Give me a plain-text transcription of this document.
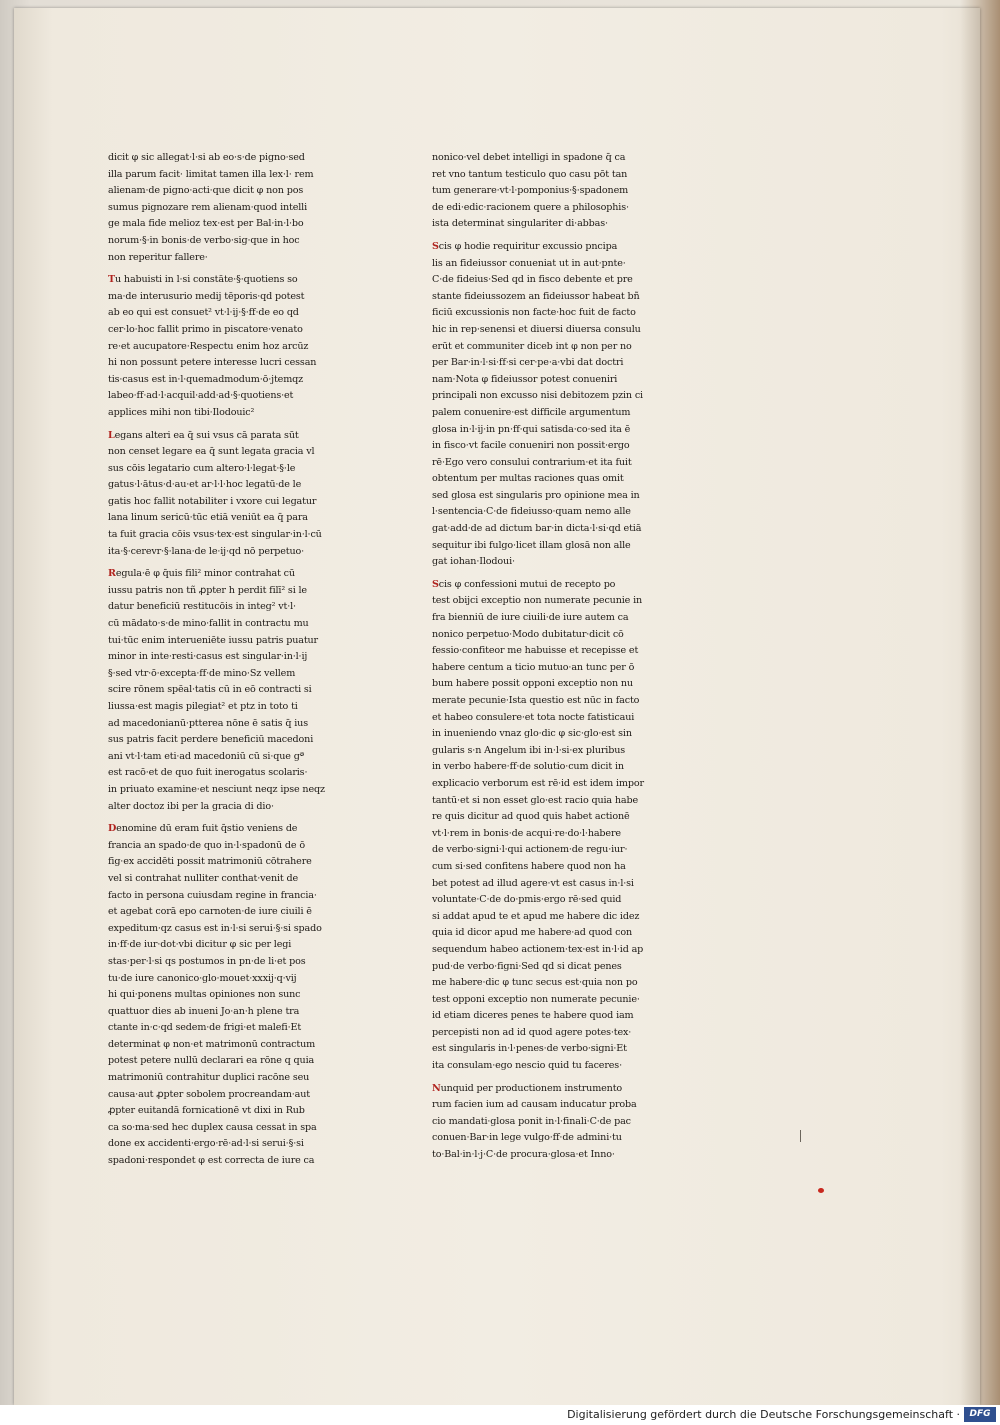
dicit φ sic allegat·l·si ab eo·s·de pigno·sed
illa parum facit· limitat tamen illa lex·l· rem
alienam·de pigno·acti·que dicit φ non pos
sumus pignozare rem alienam·quod intelli
ge mala fide melioz tex·est per Bal·in·l·bo
norum·§·in bonis·de verbo·sig·que in hoc
non reperitur fallere·
Tu habuisti in l·si constāte·§·quotiens so
ma·de interusurio medij tēporis·qd potest
ab eo qui est consuet² vt·l·ij·§·ff·de eo qd
cer·lo·hoc fallit primo in piscatore·venato
re·et aucupatore·Respectu enim hoz arcūz
hi non possunt petere interesse lucri cessan
tis·casus est in·l·quemadmodum·ō·jtemqz
labeo·ff·ad·l·acquil·add·ad·§·quotiens·et
applices mihi non tibi·Ilodouic²
Legans alteri ea q̄ sui vsus cā parata sūt
non censet legare ea q̄ sunt legata gracia vl
sus cōis legatario cum altero·l·legat·§·le
gatus·l·ātus·d·au·et ar·l·l·hoc legatū·de le
gatis hoc fallit notabiliter i vxore cui legatur
lana linum sericū·tūc etiā veniūt ea q̄ para
ta fuit gracia cōis vsus·tex·est singular·in·l·cū
ita·§·cerevr·§·lana·de le·ij·qd nō perpetuo·
Regula·ē φ q̄uis fili² minor contrahat cū
iussu patris non tñ ꝓpter h perdit filī² si le
datur beneficiū restitucōis in integ² vt·l·
cū mādato·s·de mino·fallit in contractu mu
tui·tūc enim interueniēte iussu patris puatur
minor in inte·resti·casus est singular·in·l·ij
§·sed vtr·ō·excepta·ff·de mino·Sz vellem
scire rōnem spēal·tatis cū in eō contracti si
liussa·est magis pilegiat² et ptz in toto ti
ad macedonianū·ptterea nōne ē satis q̄ ius
sus patris facit perdere beneficiū macedoni
ani vt·l·tam eti·ad macedoniū cū si·que gª
est racō·et de quo fuit inerogatus scolaris·
in priuato examine·et nesciunt neqz ipse neqz
alter doctoz ibi per la gracia di dio·
Denomine dū eram fuit q̄stio veniens de
francia an spado·de quo in·l·spadonū de ō
fig·ex accidēti possit matrimoniū cōtrahere
vel si contrahat nulliter conthat·venit de
facto in persona cuiusdam regine in francia·
et agebat corā epo carnoten·de iure ciuili ē
expeditum·qz casus est in·l·si serui·§·si spado
in·ff·de iur·dot·vbi dicitur φ sic per legi
stas·per·l·si qs postumos in pn·de li·et pos
tu·de iure canonico·glo·mouet·xxxij·q·vij
hi qui·ponens multas opiniones non sunc
quattuor dies ab inueni Jo·an·h plene tra
ctante in·c·qd sedem·de frigi·et malefi·Et
determinat φ non·et matrimonū contractum
potest petere nullū declarari ea rōne q quia
matrimoniū contrahitur duplici racōne seu
causa·aut ꝓpter sobolem procreandam·aut
ꝓpter euitandā fornicationē vt dixi in Rub
ca so·ma·sed hec duplex causa cessat in spa
done ex accidenti·ergo·rē·ad·l·si serui·§·si
spadoni·respondet φ est correcta de iure ca
nonico·vel debet intelligi in spadone q̄ ca
ret vno tantum testiculo quo casu pōt tan
tum generare·vt·l·pomponius·§·spadonem
de edi·edic·racionem quere a philosophis·
ista determinat singulariter di·abbas·
Scis φ hodie requiritur excussio pncipa
lis an fideiussor conueniat ut in aut·pnte·
C·de fideius·Sed qd in fisco debente et pre
stante fideiussozem an fideiussor habeat bñ
ficiū excussionis non facte·hoc fuit de facto
hic in rep·senensi et diuersi diuersa consulu
erūt et communiter diceb int φ non per no
per Bar·in·l·si·ff·si cer·pe·a·vbi dat doctri
nam·Nota φ fideiussor potest conueniri
principali non excusso nisi debitozem pzin ci
palem conuenire·est difficile argumentum
glosa in·l·ij·in pn·ff·qui satisda·co·sed ita ē
in fisco·vt facile conueniri non possit·ergo
rē·Ego vero consului contrarium·et ita fuit
obtentum per multas raciones quas omit
sed glosa est singularis pro opinione mea in
l·sentencia·C·de fideiusso·quam nemo alle
gat·add·de ad dictum bar·in dicta·l·si·qd etiā
sequitur ibi fulgo·licet illam glosā non alle
gat iohan·Ilodoui·
Scis φ confessioni mutui de recepto po
test obijci exceptio non numerate pecunie in
fra bienniū de iure ciuili·de iure autem ca
nonico perpetuo·Modo dubitatur·dicit cō
fessio·confiteor me habuisse et recepisse et
habere centum a ticio mutuo·an tunc per ō
bum habere possit opponi exceptio non nu
merate pecunie·Ista questio est nūc in facto
et habeo consulere·et tota nocte fatisticaui
in inueniendo vnaz glo·dic φ sic·glo·est sin
gularis s·n Angelum ibi in·l·si·ex pluribus
in verbo habere·ff·de solutio·cum dicit in
explicacio verborum est rē·id est idem impor
tantū·et si non esset glo·est racio quia habe
re quis dicitur ad quod quis habet actionē
vt·l·rem in bonis·de acqui·re·do·l·habere
de verbo·signi·l·qui actionem·de regu·iur·
cum si·sed confitens habere quod non ha
bet potest ad illud agere·vt est casus in·l·si
voluntate·C·de do·pmis·ergo rē·sed quid
si addat apud te et apud me habere dic idez
quia id dicor apud me habere·ad quod con
sequendum habeo actionem·tex·est in·l·id ap
pud·de verbo·figni·Sed qd si dicat penes
me habere·dic φ tunc secus est·quia non po
test opponi exceptio non numerate pecunie·
id etiam diceres penes te habere quod iam
percepisti non ad id quod agere potes·tex·
est singularis in·l·penes·de verbo·signi·Et
ita consulam·ego nescio quid tu faceres·
Nunquid per productionem instrumento
rum facien ium ad causam inducatur proba
cio mandati·glosa ponit in·l·finali·C·de pac
conuen·Bar·in lege vulgo·ff·de admini·tu
to·Bal·in·l·j·C·de procura·glosa·et Inno·
Digitalisierung gefördert durch die Deutsche Forschungsgemeinschaft ·	DFG
